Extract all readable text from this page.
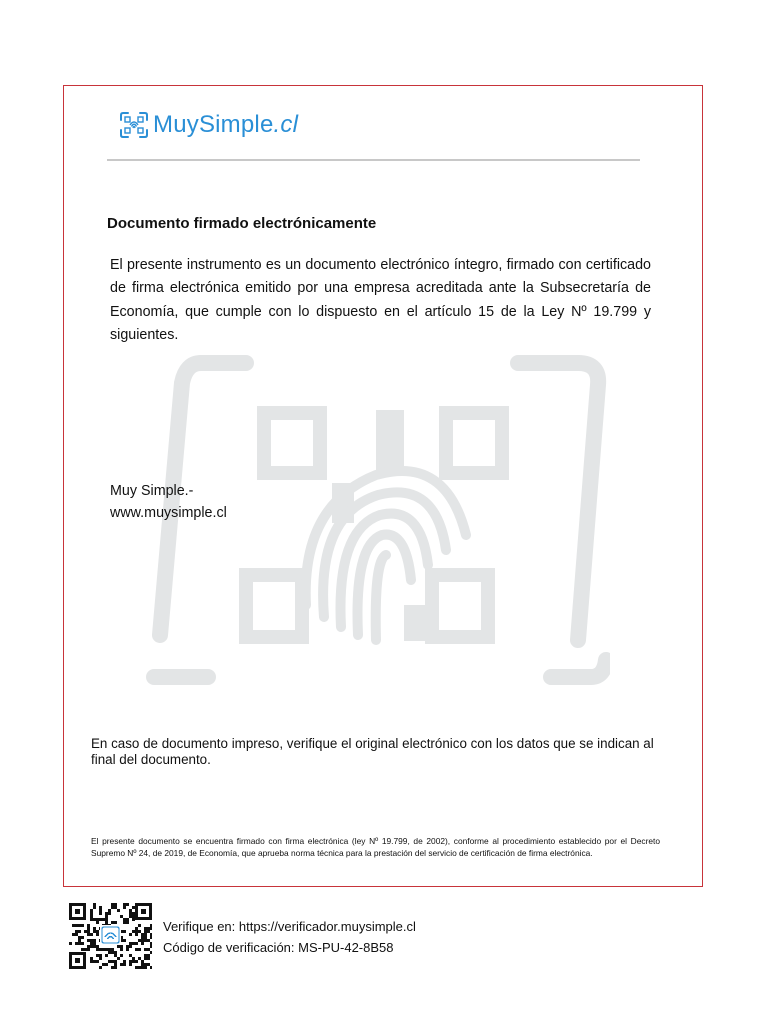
MuySimple.cl
Documento firmado electrónicamente
El presente instrumento es un documento electrónico íntegro, firmado con certificado de firma electrónica emitido por una empresa acreditada ante la Subsecretaría de Economía, que cumple con lo dispuesto en el artículo 15 de la Ley Nº 19.799 y siguientes.
Muy Simple.-
www.muysimple.cl
En caso de documento impreso, verifique el original electrónico con los datos que se indican al final del documento.
El presente documento se encuentra firmado con firma electrónica (ley Nº 19.799, de 2002), conforme al procedimiento establecido por el Decreto Supremo Nº 24, de 2019, de Economía, que aprueba norma técnica para la prestación del servicio de certificación de firma electrónica.
Verifique en: https://verificador.muysimple.cl
Código de verificación: MS-PU-42-8B58
